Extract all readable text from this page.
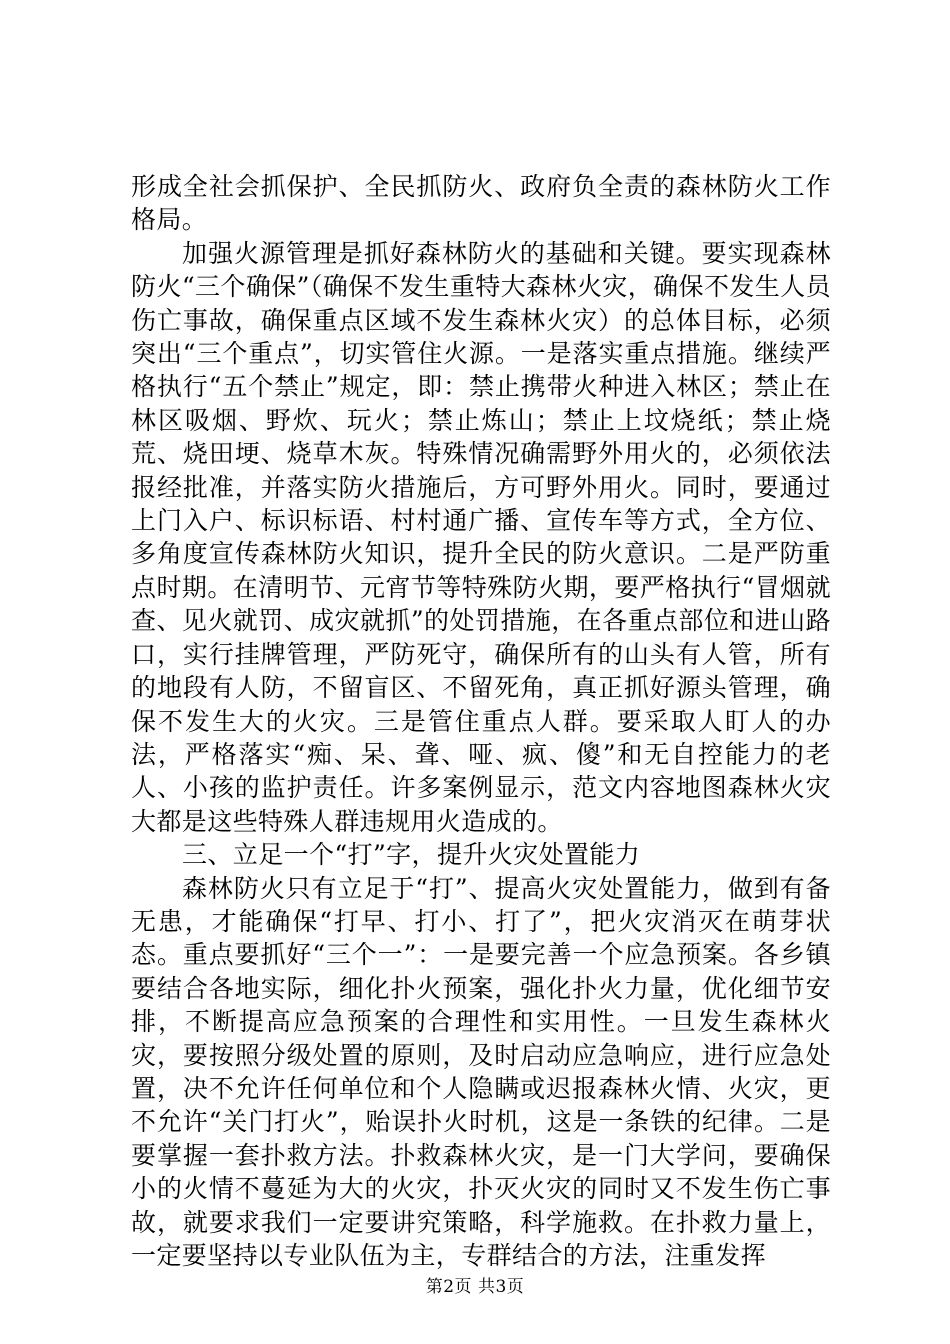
形成全社会抓保护、全民抓防火、政府负全责的森林防火工作格局。

加强火源管理是抓好森林防火的基础和关键。要实现森林防火“三个确保”（确保不发生重特大森林火灾，确保不发生人员伤亡事故，确保重点区域不发生森林火灾）的总体目标，必须突出“三个重点”，切实管住火源。一是落实重点措施。继续严格执行“五个禁止”规定，即：禁止携带火种进入林区；禁止在林区吸烟、野炊、玩火；禁止炼山；禁止上坟烧纸；禁止烧荒、烧田埂、烧草木灰。特殊情况确需野外用火的，必须依法报经批准，并落实防火措施后，方可野外用火。同时，要通过上门入户、标识标语、村村通广播、宣传车等方式，全方位、多角度宣传森林防火知识，提升全民的防火意识。二是严防重点时期。在清明节、元宵节等特殊防火期，要严格执行“冒烟就查、见火就罚、成灾就抓”的处罚措施，在各重点部位和进山路口，实行挂牌管理，严防死守，确保所有的山头有人管，所有的地段有人防，不留盲区、不留死角，真正抓好源头管理，确保不发生大的火灾。三是管住重点人群。要采取人盯人的办法，严格落实“痴、呆、聋、哑、疯、傻”和无自控能力的老人、小孩的监护责任。许多案例显示，范文内容地图森林火灾大都是这些特殊人群违规用火造成的。

三、立足一个“打”字，提升火灾处置能力

森林防火只有立足于“打”、提高火灾处置能力，做到有备无患，才能确保“打早、打小、打了”，把火灾消灭在萌芽状态。重点要抓好“三个一”：一是要完善一个应急预案。各乡镇要结合各地实际，细化扑火预案，强化扑火力量，优化细节安排，不断提高应急预案的合理性和实用性。一旦发生森林火灾，要按照分级处置的原则，及时启动应急响应，进行应急处置，决不允许任何单位和个人隐瞒或迟报森林火情、火灾，更不允许“关门打火”，贻误扑火时机，这是一条铁的纪律。二是要掌握一套扑救方法。扑救森林火灾，是一门大学问，要确保小的火情不蔓延为大的火灾，扑灭火灾的同时又不发生伤亡事故，就要求我们一定要讲究策略，科学施救。在扑救力量上，一定要坚持以专业队伍为主，专群结合的方法，注重发挥

第2页 共3页
